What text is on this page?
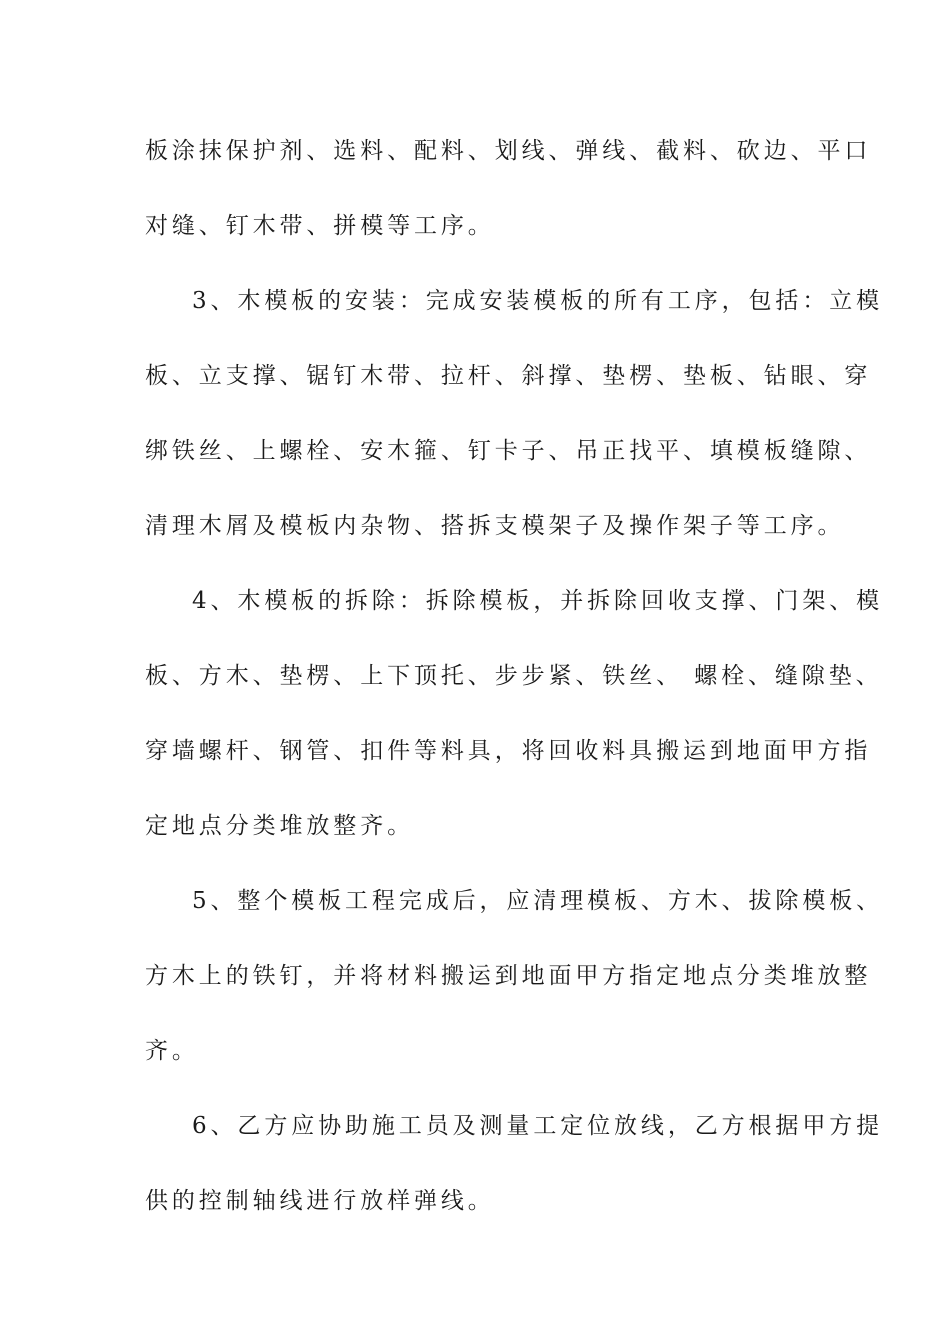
板涂抹保护剂、选料、配料、划线、弹线、截料、砍边、平口
对缝、钉木带、拼模等工序。
3、木模板的安装：完成安装模板的所有工序，包括：立模
板、立支撑、锯钉木带、拉杆、斜撑、垫楞、垫板、钻眼、穿
绑铁丝、上螺栓、安木箍、钉卡子、吊正找平、填模板缝隙、
清理木屑及模板内杂物、搭拆支模架子及操作架子等工序。
4、木模板的拆除：拆除模板，并拆除回收支撑、门架、模
板、方木、垫楞、上下顶托、步步紧、铁丝、 螺栓、缝隙垫、
穿墙螺杆、钢管、扣件等料具，将回收料具搬运到地面甲方指
定地点分类堆放整齐。
5、整个模板工程完成后，应清理模板、方木、拔除模板、
方木上的铁钉，并将材料搬运到地面甲方指定地点分类堆放整
齐。
6、乙方应协助施工员及测量工定位放线，乙方根据甲方提
供的控制轴线进行放样弹线。
